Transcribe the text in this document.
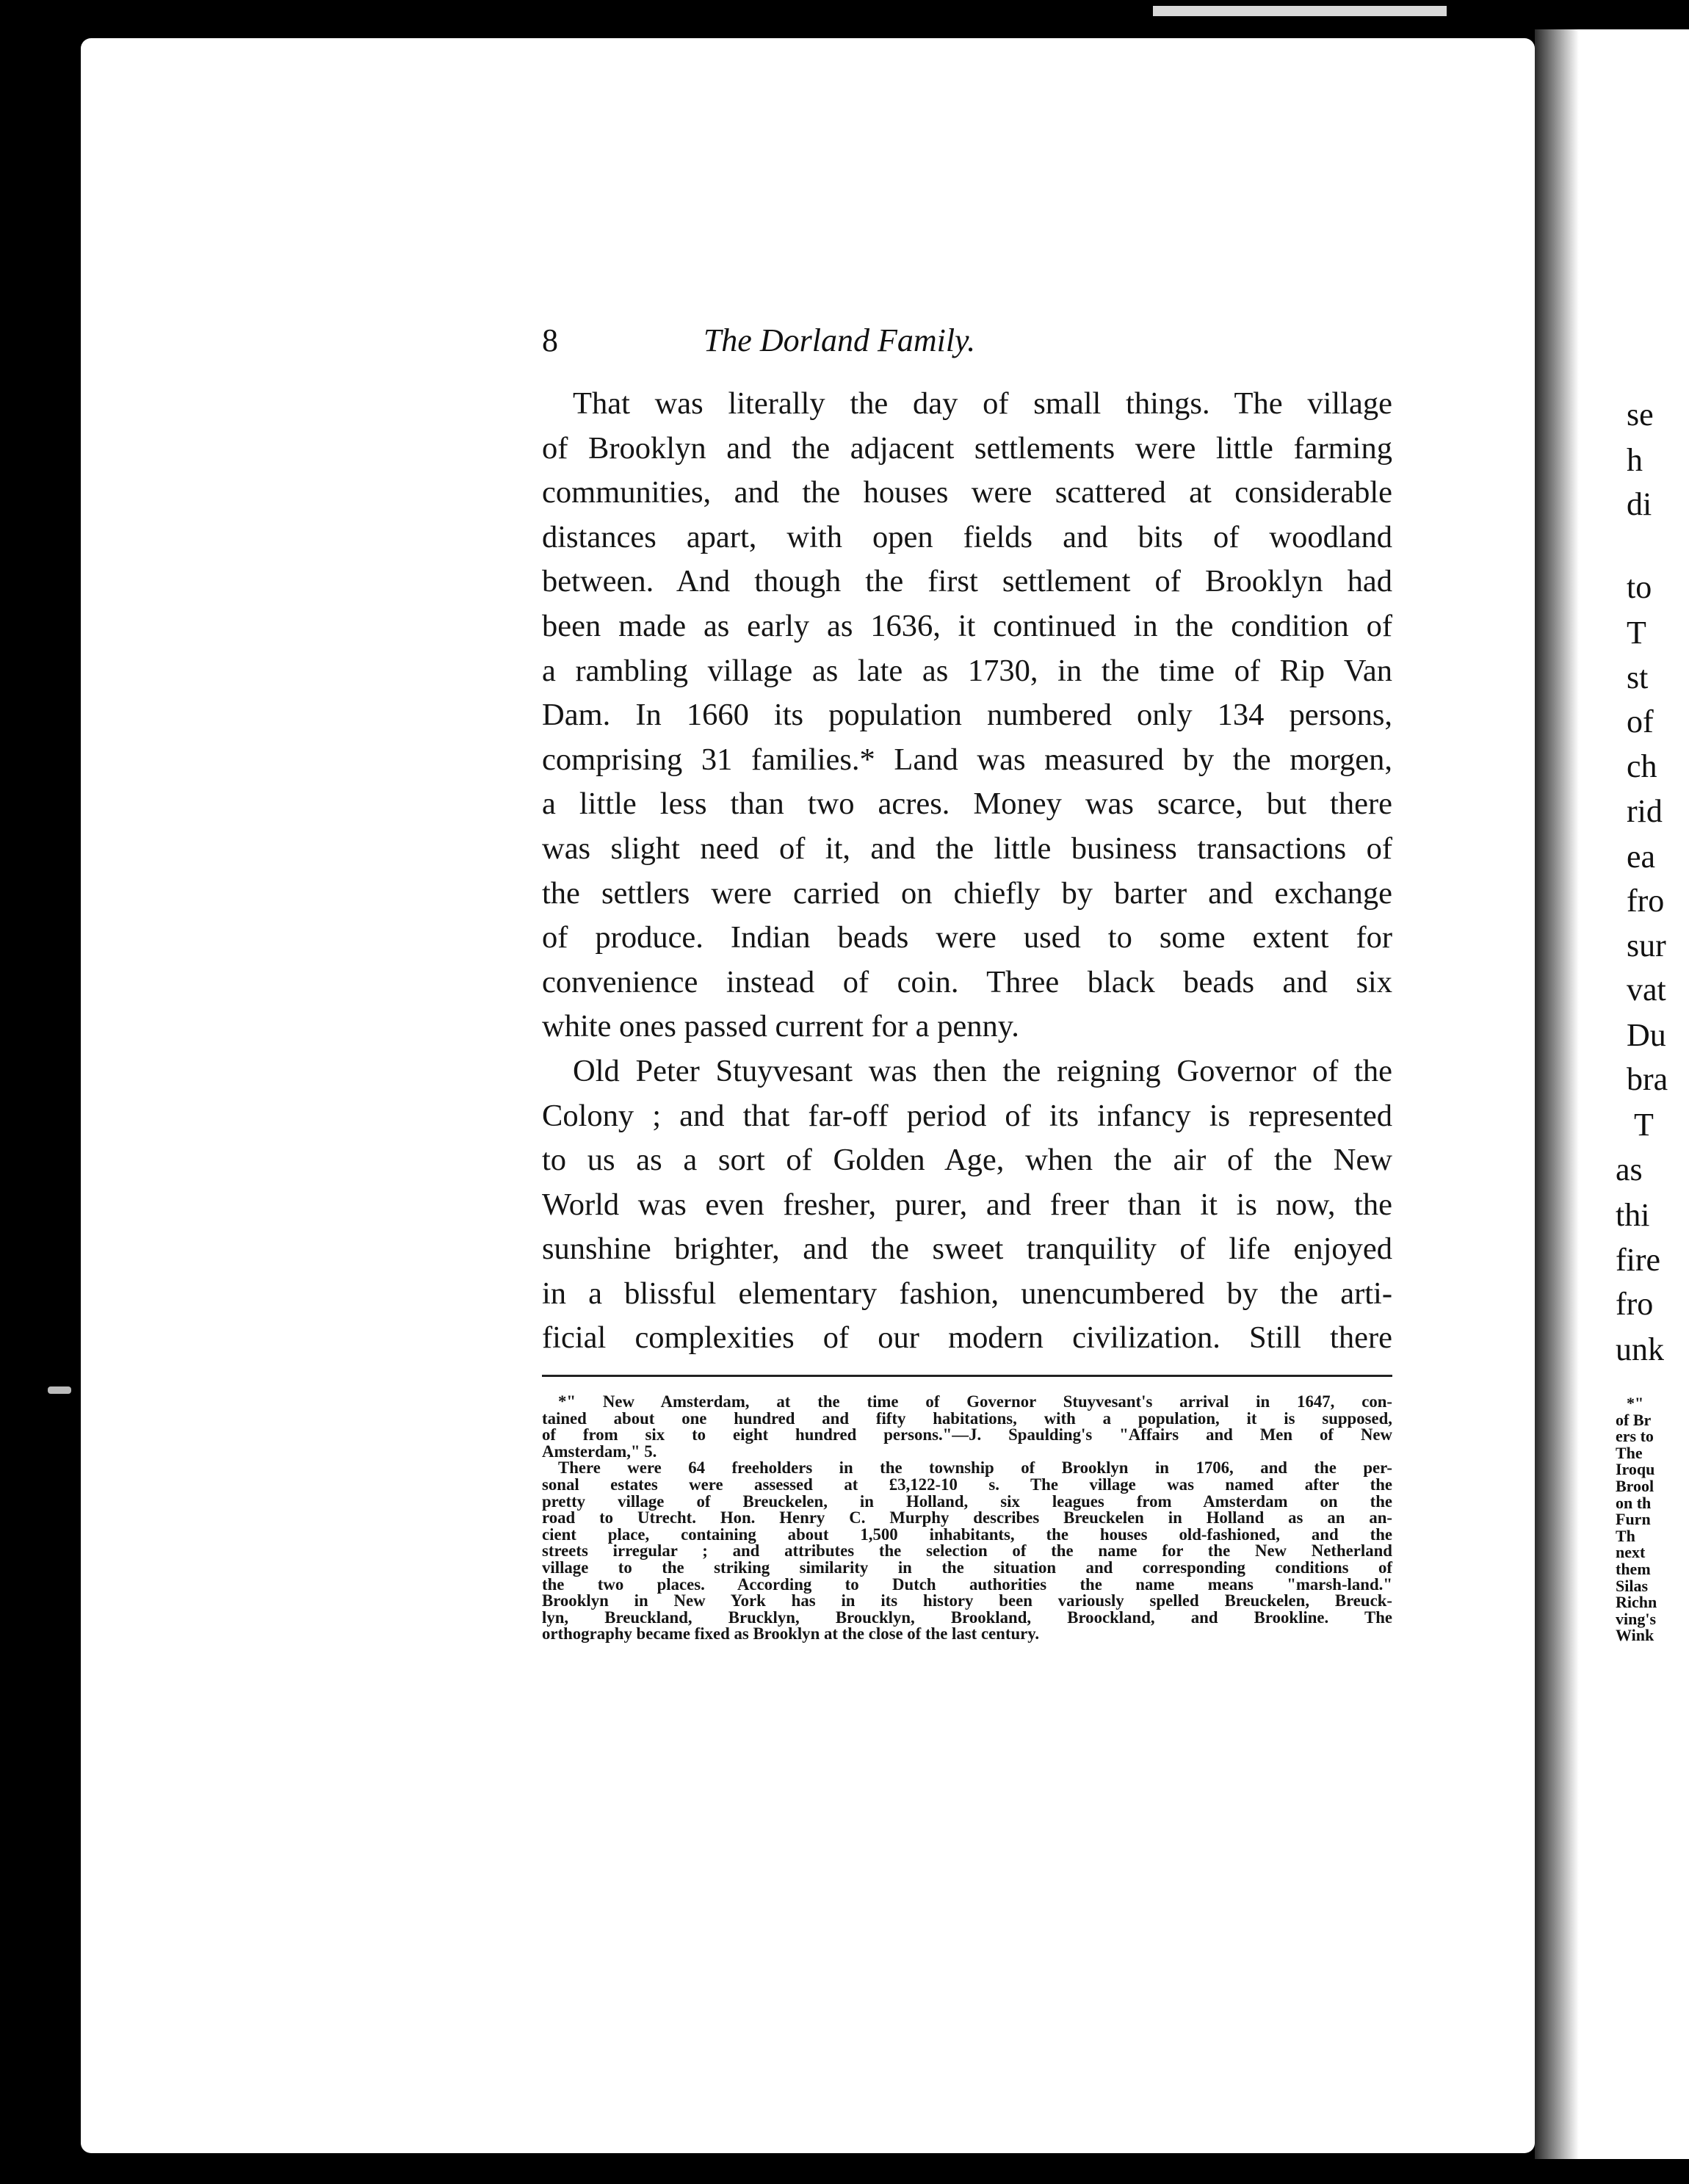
8	The Dorland Family.
That was literally the day of small things. The village
of Brooklyn and the adjacent settlements were little farming
communities, and the houses were scattered at considerable
distances apart, with open fields and bits of woodland
between. And though the first settlement of Brooklyn had
been made as early as 1636, it continued in the condition of
a rambling village as late as 1730, in the time of Rip Van
Dam. In 1660 its population numbered only 134 persons,
comprising 31 families.* Land was measured by the morgen,
a little less than two acres. Money was scarce, but there
was slight need of it, and the little business transactions of
the settlers were carried on chiefly by barter and exchange
of produce. Indian beads were used to some extent for
convenience instead of coin. Three black beads and six
white ones passed current for a penny.
Old Peter Stuyvesant was then the reigning Governor of the
Colony ; and that far-off period of its infancy is represented
to us as a sort of Golden Age, when the air of the New
World was even fresher, purer, and freer than it is now, the
sunshine brighter, and the sweet tranquility of life enjoyed
in a blissful elementary fashion, unencumbered by the arti-
ficial complexities of our modern civilization. Still there
*" New Amsterdam, at the time of Governor Stuyvesant's arrival in 1647, con-
tained about one hundred and fifty habitations, with a population, it is supposed,
of from six to eight hundred persons."—J. Spaulding's "Affairs and Men of New
Amsterdam," 5.
There were 64 freeholders in the township of Brooklyn in 1706, and the per-
sonal estates were assessed at £3,122-10 s. The village was named after the
pretty village of Breuckelen, in Holland, six leagues from Amsterdam on the
road to Utrecht. Hon. Henry C. Murphy describes Breuckelen in Holland as an an-
cient place, containing about 1,500 inhabitants, the houses old-fashioned, and the
streets irregular ; and attributes the selection of the name for the New Netherland
village to the striking similarity in the situation and corresponding conditions of
the two places. According to Dutch authorities the name means "marsh-land."
Brooklyn in New York has in its history been variously spelled Breuckelen, Breuck-
lyn, Breuckland, Brucklyn, Broucklyn, Brookland, Broockland, and Brookline. The
orthography became fixed as Brooklyn at the close of the last century.
se
h
di
to
T
st
of
ch
rid
ea
fro
sur
vat
Du
bra
T
as
thi
fire
fro
unk
*"
of Br
ers to
The
Iroqu
Brool
on th
Furn
Th
next
them
Silas
Richn
ving's
Wink
